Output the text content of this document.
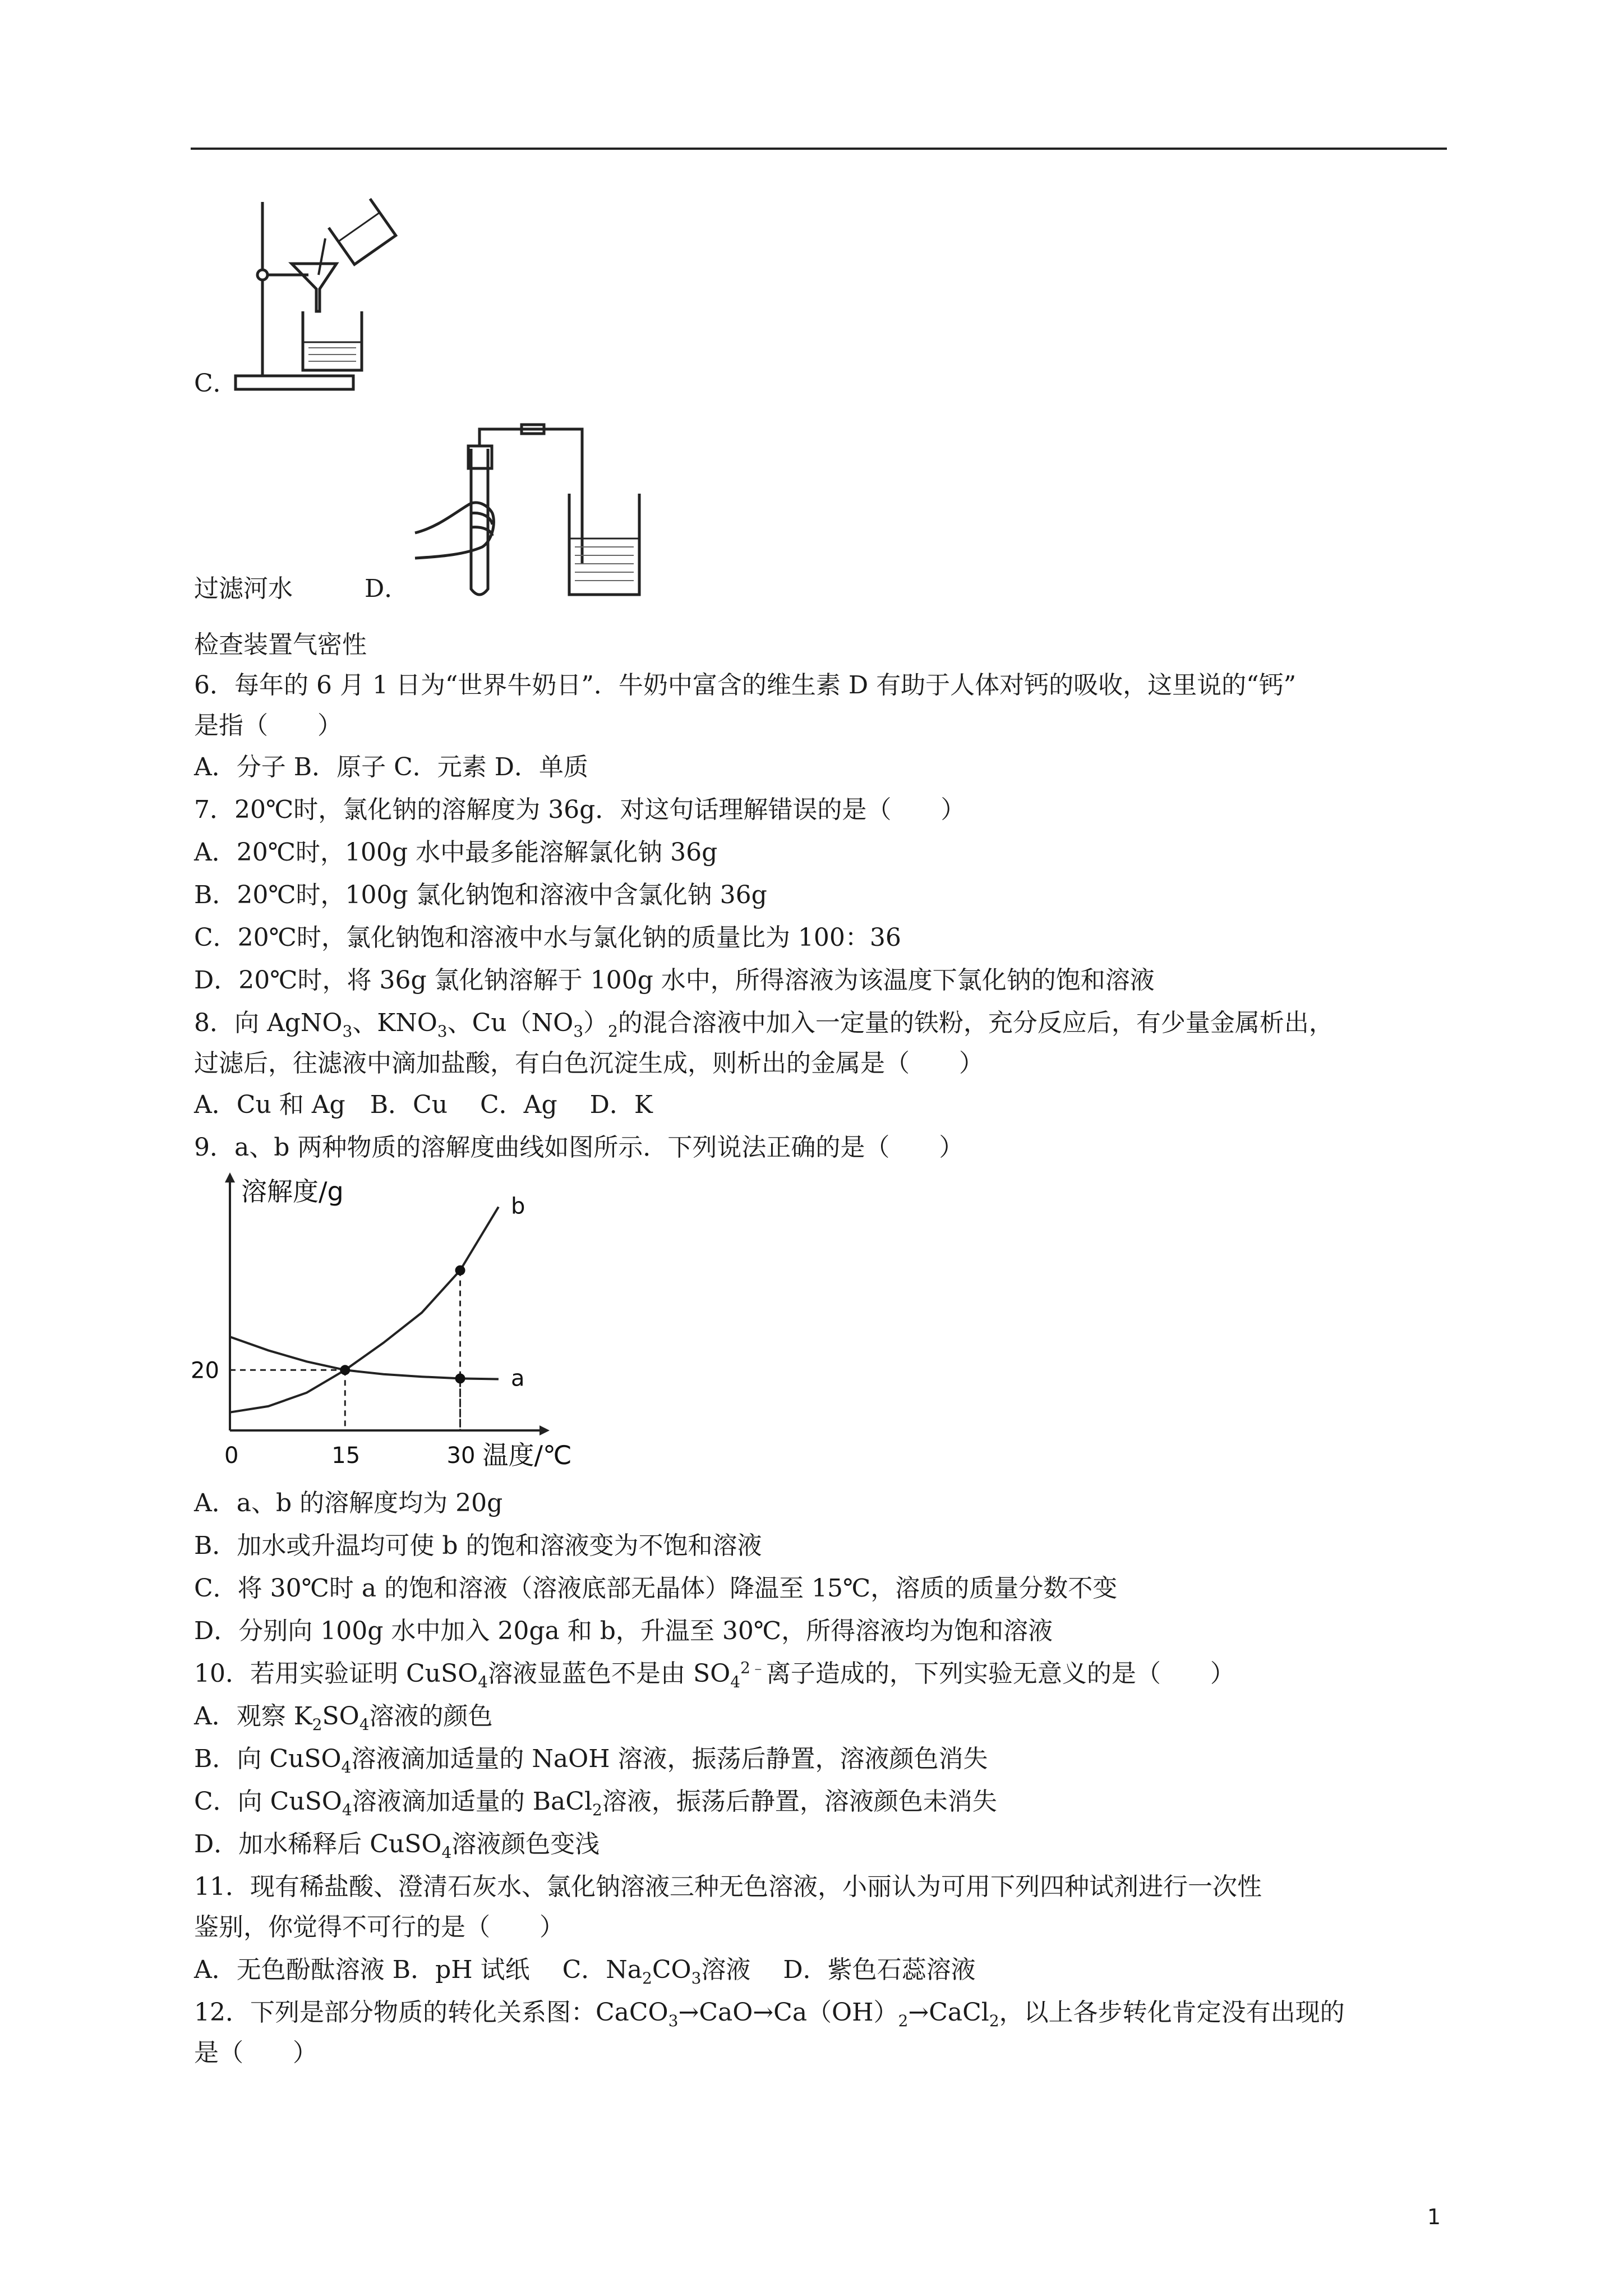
C．
过滤河水	D．
检查装置气密性
6．每年的 6 月 1 日为“世界牛奶日”．牛奶中富含的维生素 D 有助于人体对钙的吸收，这里说的“钙”
是指（　　）
A．分子 B．原子 C．元素 D．单质
7．20℃时，氯化钠的溶解度为 36g．对这句话理解错误的是（　　）
A．20℃时，100g 水中最多能溶解氯化钠 36g
B．20℃时，100g 氯化钠饱和溶液中含氯化钠 36g
C．20℃时，氯化钠饱和溶液中水与氯化钠的质量比为 100：36
D．20℃时，将 36g 氯化钠溶解于 100g 水中，所得溶液为该温度下氯化钠的饱和溶液
8．向 AgNO$_3$、$KNO_3$、$Cu(NO_3)_2$的混合溶液中加入一定量的铁粉，充分反应后，有少量金属析出，
过滤后，往滤液中滴加盐酸，有白色沉淀生成，则析出的金属是（　　）
A．Cu 和 Ag　B．Cu　 C．Ag　 D．K
9．a、b 两种物质的溶解度曲线如图所示．下列说法正确的是（　　）
a
b
0	15	30
20
溶解度/g
温度/℃
A．a、b 的溶解度均为 20g
B．加水或升温均可使 b 的饱和溶液变为不饱和溶液
C．将 30℃时 a 的饱和溶液（溶液底部无晶体）降温至 15℃，溶质的质量分数不变
D．分别向 100g 水中加入 20ga 和 b，升温至 30℃，所得溶液均为饱和溶液
10．若用实验证明 CuSO$_4$溶液显蓝色不是由 $SO_4^{2﹣}$离子造成的，下列实验无意义的是（　　）
A．观察 $K_2SO_4$溶液的颜色
B．向 CuSO$_4$溶液滴加适量的 NaOH 溶液，振荡后静置，溶液颜色消失
C．向 CuSO$_4$溶液滴加适量的 BaCl$_2$溶液，振荡后静置，溶液颜色未消失
D．加水稀释后 CuSO$_4$溶液颜色变浅
11．现有稀盐酸、澄清石灰水、氯化钠溶液三种无色溶液，小丽认为可用下列四种试剂进行一次性
鉴别，你觉得不可行的是（　　）
A．无色酚酞溶液 B．pH 试纸　 C．$Na_2CO_3$溶液　 D．紫色石蕊溶液
12．下列是部分物质的转化关系图：$CaCO_3\to CaO\to Ca(OH)_2\to CaCl_2$，以上各步转化肯定没有出现的
是（　　）
1
